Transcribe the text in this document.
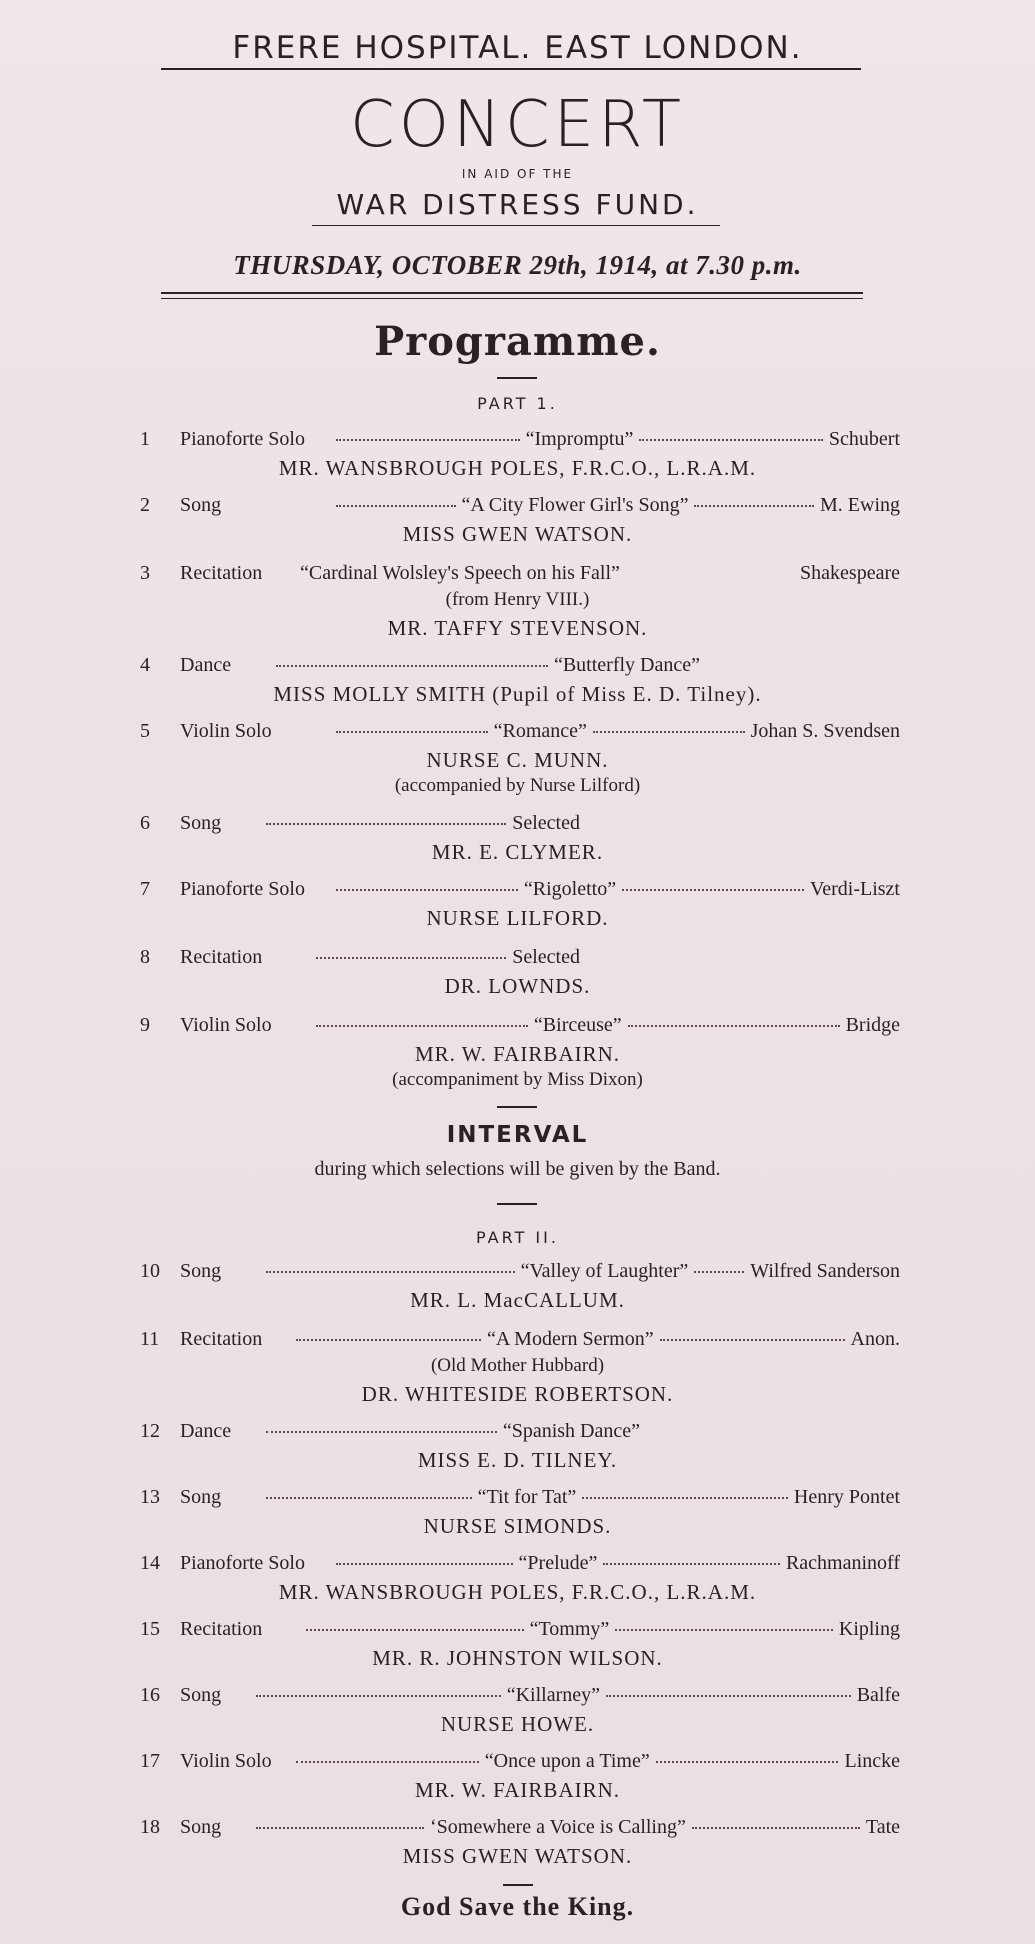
FRERE HOSPITAL. EAST LONDON.
CONCERT
IN AID OF THE
WAR DISTRESS FUND.
THURSDAY, OCTOBER 29th, 1914, at 7.30 p.m.
Programme.
PART 1.
1	Pianoforte Solo	“Impromptu”	Schubert
MR. WANSBROUGH POLES, F.R.C.O., L.R.A.M.
2	Song	“A City Flower Girl's Song”	M. Ewing
MISS GWEN WATSON.
3	Recitation	“Cardinal Wolsley's Speech on his Fall”	Shakespeare
(from Henry VIII.)
MR. TAFFY STEVENSON.
4	Dance	“Butterfly Dance”
MISS MOLLY SMITH (Pupil of Miss E. D. Tilney).
5	Violin Solo	“Romance”	Johan S. Svendsen
NURSE C. MUNN.
(accompanied by Nurse Lilford)
6	Song	Selected
MR. E. CLYMER.
7	Pianoforte Solo	“Rigoletto”	Verdi-Liszt
NURSE LILFORD.
8	Recitation	Selected
DR. LOWNDS.
9	Violin Solo	“Birceuse”	Bridge
MR. W. FAIRBAIRN.
(accompaniment by Miss Dixon)
INTERVAL
during which selections will be given by the Band.
PART II.
10	Song	“Valley of Laughter”	Wilfred Sanderson
MR. L. MacCALLUM.
11	Recitation	“A Modern Sermon”	Anon.
(Old Mother Hubbard)
DR. WHITESIDE ROBERTSON.
12	Dance	“Spanish Dance”
MISS E. D. TILNEY.
13	Song	“Tit for Tat”	Henry Pontet
NURSE SIMONDS.
14	Pianoforte Solo	“Prelude”	Rachmaninoff
MR. WANSBROUGH POLES, F.R.C.O., L.R.A.M.
15	Recitation	“Tommy”	Kipling
MR. R. JOHNSTON WILSON.
16	Song	“Killarney”	Balfe
NURSE HOWE.
17	Violin Solo	“Once upon a Time”	Lincke
MR. W. FAIRBAIRN.
18	Song	‘Somewhere a Voice is Calling”	Tate
MISS GWEN WATSON.
God Save the King.
